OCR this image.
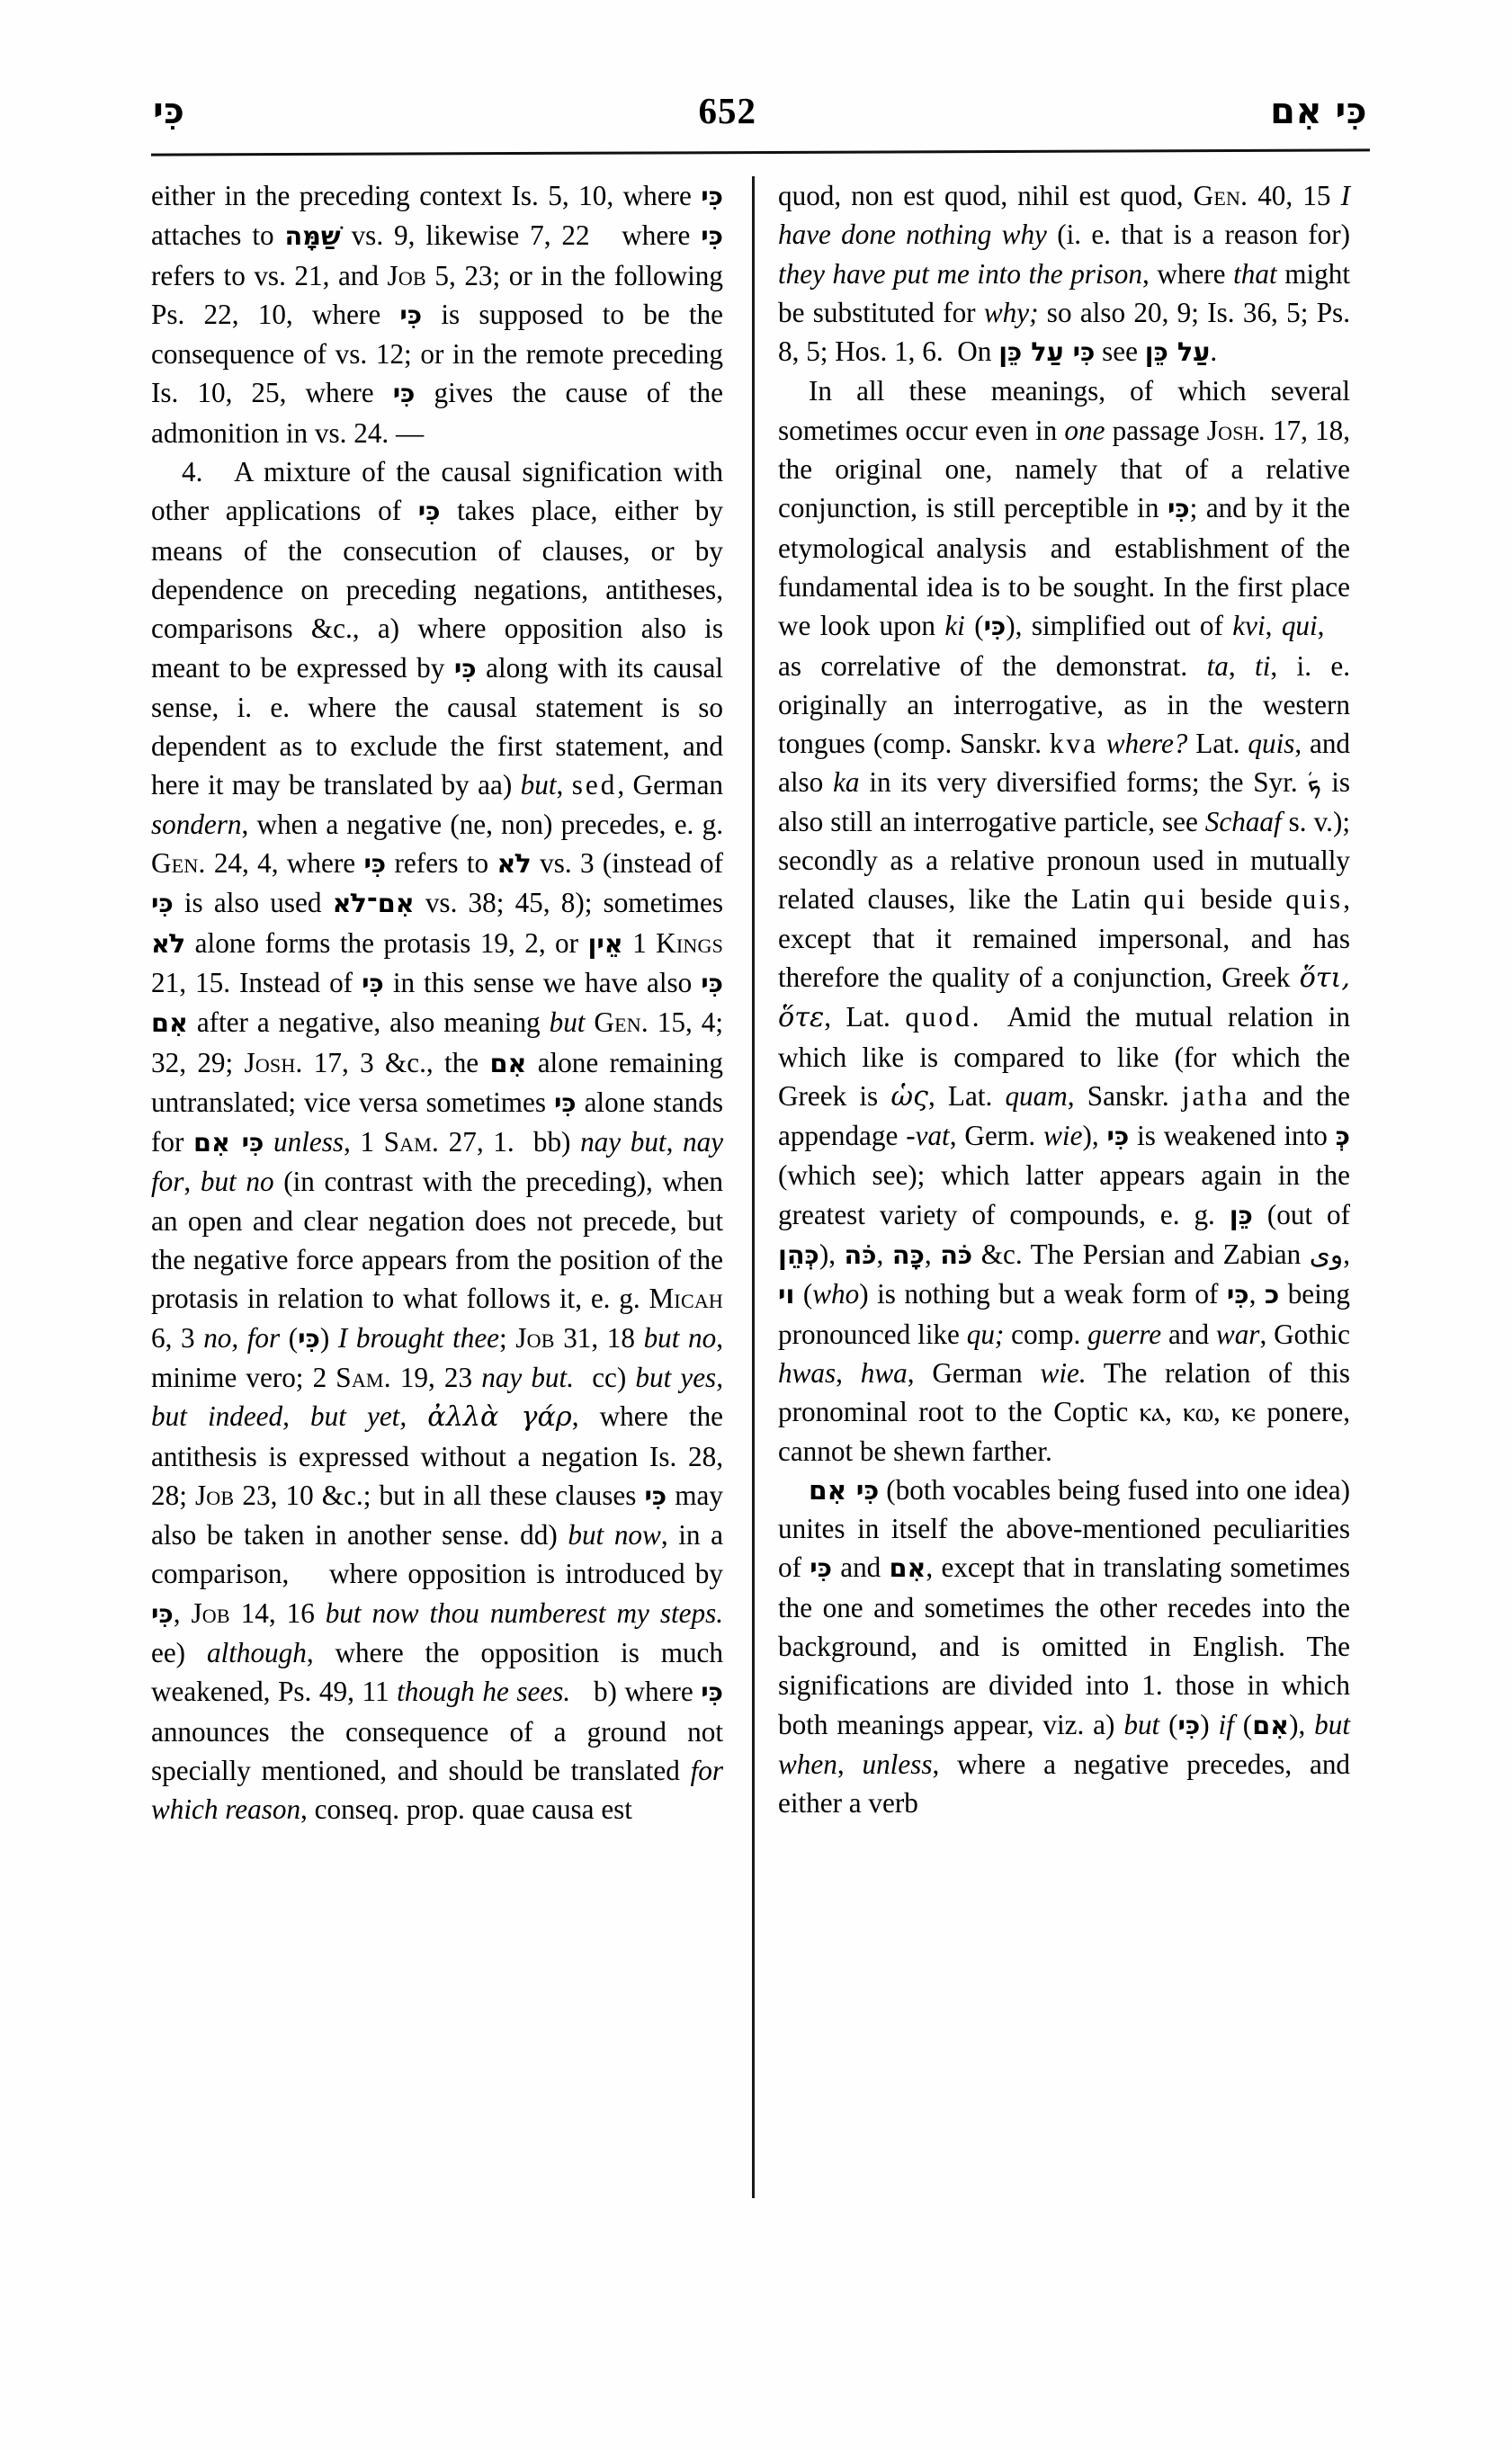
כִּי	652	כִּי אִם

either in the preceding context Is. 5, 10, where כִּי attaches to שַׁמָּה vs. 9, likewise 7, 22   where כִּי refers to vs. 21, and Job 5, 23; or in the following Ps. 22, 10, where כִּי is supposed to be the consequence of vs. 12; or in the remote preceding Is. 10, 25, where כִּי gives the cause of the admonition in vs. 24. —

4.   A mixture of the causal signification with other applications of כִּי takes place, either by means of the consecution of clauses, or by dependence on preceding negations, antitheses, comparisons &c., a) where opposition also is meant to be expressed by כִּי along with its causal sense, i. e. where the causal statement is so dependent as to exclude the first statement, and here it may be translated by aa) but, sed, German sondern, when a negative (ne, non) precedes, e. g. Gen. 24, 4, where כִּי refers to לֹא vs. 3 (instead of כִּי is also used אִם־לֹא vs. 38; 45, 8); sometimes לֹא alone forms the protasis 19, 2, or אֵין 1 Kings 21, 15. Instead of כִּי in this sense we have also כִּי אִם after a negative, also meaning but Gen. 15, 4; 32, 29; Josh. 17, 3 &c., the אִם alone remaining untranslated; vice versa sometimes כִּי alone stands for כִּי אִם unless, 1 Sam. 27, 1.  bb) nay but, nay for, but no (in contrast with the preceding), when an open and clear negation does not precede, but the negative force appears from the position of the protasis in relation to what follows it, e. g. Micah 6, 3 no, for (כִּי) I brought thee; Job 31, 18 but no, minime vero; 2 Sam. 19, 23 nay but.  cc) but yes, but indeed, but yet, ἀλλὰ γάρ, where the antithesis is expressed without a negation Is. 28, 28; Job 23, 10 &c.; but in all these clauses כִּי may also be taken in another sense. dd) but now, in a comparison,    where opposition is introduced by כִּי, Job 14, 16 but now thou numberest my steps. ee) although, where the opposition is much weakened, Ps. 49, 11 though he sees.   b) where כִּי announces the consequence of a ground not specially mentioned, and should be translated for which reason, conseq. prop. quae causa est

quod, non est quod, nihil est quod, Gen. 40, 15 I have done nothing why (i. e. that is a reason for) they have put me into the prison, where that might be substituted for why; so also 20, 9; Is. 36, 5; Ps. 8, 5; Hos. 1, 6.  On כִּי עַל כֵּן see עַל כֵּן.

In all these meanings, of which several sometimes occur even in one passage Josh. 17, 18, the original one, namely that of a relative conjunction, is still perceptible in כִּי; and by it the etymological analysis  and  establishment of the fundamental idea is to be sought. In the first place we look upon ki (כִּי), simplified out of kvi, qui,    as correlative of the demonstrat. ta, ti, i. e. originally an interrogative, as in the western tongues (comp. Sanskr. kva where? Lat. quis, and also ka in its very diversified forms; the Syr. ܟܿ is also still an interrogative particle, see Schaaf s. v.); secondly as a relative pronoun used in mutually related clauses, like the Latin qui beside quis, except that it remained impersonal, and has therefore the quality of a conjunction, Greek ὅτι, ὅτε, Lat. quod.  Amid the mutual relation in which like is compared to like (for which the Greek is ὡς, Lat. quam, Sanskr. jatha and the appendage -vat, Germ. wie), כִּי is weakened into כְּ (which see); which latter appears again in the greatest variety of compounds, e. g. כֵּן (out of כְּהֵן), כֹּה, כָּה, כֹּה &c. The Persian and Zabian وى, וי (who) is nothing but a weak form of כִּי, כ being pronounced like qu; comp. guerre and war, Gothic hwas, hwa, German wie. The relation of this pronominal root to the Coptic ⲕⲁ, ⲕⲱ, ⲕⲉ ponere, cannot be shewn farther.

כִּי אִם (both vocables being fused into one idea) unites in itself the above-mentioned peculiarities of כִּי and אִם, except that in translating sometimes the one and sometimes the other recedes into the background, and is omitted in English. The significations are divided into 1. those in which both meanings appear, viz. a) but (כִּי) if (אִם), but when, unless, where a negative precedes, and either a verb
